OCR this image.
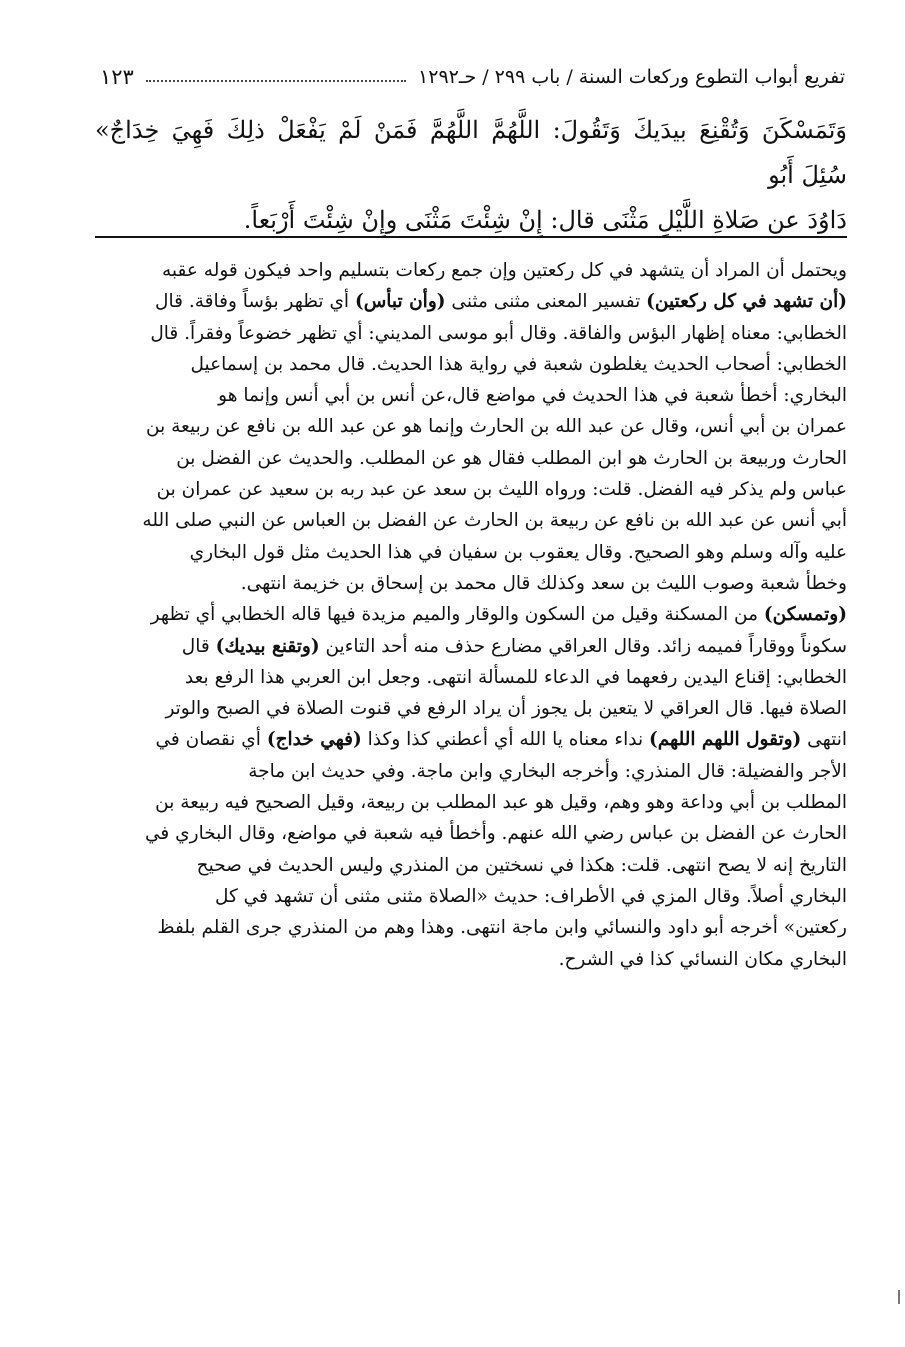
تفريع أبواب التطوع وركعات السنة / باب ٢٩٩ / حـ١٢٩٢
١٢٣

وَتَمَسْكَنَ وَتُقْنِعَ بيدَيكَ وَتَقُولَ: اللَّهُمَّ اللَّهُمَّ فَمَنْ لَمْ يَفْعَلْ ذلِكَ فَهِيَ خِدَاجٌ» سُئِلَ أَبُو

دَاوُدَ عن صَلاةِ اللَّيْلِ مَثْنَى قال: إِنْ شِئْتَ مَثْنَى وإِنْ شِئْتَ أَرْبَعاً.

ويحتمل أن المراد أن يتشهد في كل ركعتين وإن جمع ركعات بتسليم واحد فيكون قوله عقبه
(أن تشهد في كل ركعتين) تفسير المعنى مثنى مثنى (وأن تبأس) أي تظهر بؤساً وفاقة. قال
الخطابي: معناه إظهار البؤس والفاقة. وقال أبو موسى المديني: أي تظهر خضوعاً وفقراً. قال
الخطابي: أصحاب الحديث يغلطون شعبة في رواية هذا الحديث. قال محمد بن إسماعيل
البخاري: أخطأ شعبة في هذا الحديث في مواضع قال،عن أنس بن أبي أنس وإنما هو
عمران بن أبي أنس، وقال عن عبد الله بن الحارث وإنما هو عن عبد الله بن نافع عن ربيعة بن
الحارث وربيعة بن الحارث هو ابن المطلب فقال هو عن المطلب. والحديث عن الفضل بن
عباس ولم يذكر فيه الفضل. قلت: ورواه الليث بن سعد عن عبد ربه بن سعيد عن عمران بن
أبي أنس عن عبد الله بن نافع عن ربيعة بن الحارث عن الفضل بن العباس عن النبي صلى الله
عليه وآله وسلم وهو الصحيح. وقال يعقوب بن سفيان في هذا الحديث مثل قول البخاري
وخطأ شعبة وصوب الليث بن سعد وكذلك قال محمد بن إسحاق بن خزيمة انتهى.
(وتمسكن) من المسكنة وقيل من السكون والوقار والميم مزيدة فيها قاله الخطابي أي تظهر
سكوناً ووقاراً فميمه زائد. وقال العراقي مضارع حذف منه أحد التاءين (وتقنع بيديك) قال
الخطابي: إقناع اليدين رفعهما في الدعاء للمسألة انتهى. وجعل ابن العربي هذا الرفع بعد
الصلاة فيها. قال العراقي لا يتعين بل يجوز أن يراد الرفع في قنوت الصلاة في الصبح والوتر
انتهى (وتقول اللهم اللهم) نداء معناه يا الله أي أعطني كذا وكذا (فهي خداج) أي نقصان في
الأجر والفضيلة: قال المنذري: وأخرجه البخاري وابن ماجة. وفي حديث ابن ماجة
المطلب بن أبي وداعة وهو وهم، وقيل هو عبد المطلب بن ربيعة، وقيل الصحيح فيه ربيعة بن
الحارث عن الفضل بن عباس رضي الله عنهم. وأخطأ فيه شعبة في مواضع، وقال البخاري في
التاريخ إنه لا يصح انتهى. قلت: هكذا في نسختين من المنذري وليس الحديث في صحيح
البخاري أصلاً. وقال المزي في الأطراف: حديث «الصلاة مثنى مثنى أن تشهد في كل
ركعتين» أخرجه أبو داود والنسائي وابن ماجة انتهى. وهذا وهم من المنذري جرى القلم بلفظ
البخاري مكان النسائي كذا في الشرح.
